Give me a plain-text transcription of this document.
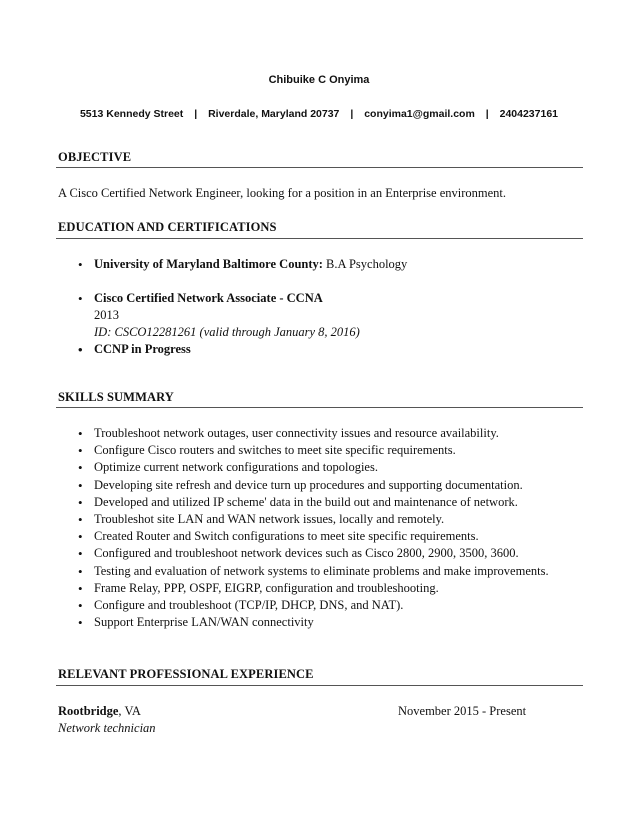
Chibuike C Onyima
5513 Kennedy Street | Riverdale, Maryland 20737 | conyima1@gmail.com | 2404237161
OBJECTIVE
A Cisco Certified Network Engineer, looking for a position in an Enterprise environment.
EDUCATION AND CERTIFICATIONS
• University of Maryland Baltimore County: B.A Psychology
• Cisco Certified Network Associate - CCNA
2013
ID: CSCO12281261 (valid through January 8, 2016)
• CCNP in Progress
SKILLS SUMMARY
• Troubleshoot network outages, user connectivity issues and resource availability.
• Configure Cisco routers and switches to meet site specific requirements.
• Optimize current network configurations and topologies.
• Developing site refresh and device turn up procedures and supporting documentation.
• Developed and utilized IP scheme' data in the build out and maintenance of network.
• Troubleshot site LAN and WAN network issues, locally and remotely.
• Created Router and Switch configurations to meet site specific requirements.
• Configured and troubleshoot network devices such as Cisco 2800, 2900, 3500, 3600.
• Testing and evaluation of network systems to eliminate problems and make improvements.
• Frame Relay, PPP, OSPF, EIGRP, configuration and troubleshooting.
• Configure and troubleshoot (TCP/IP, DHCP, DNS, and NAT).
• Support Enterprise LAN/WAN connectivity
RELEVANT PROFESSIONAL EXPERIENCE
Rootbridge, VA	November 2015 - Present
Network technician
